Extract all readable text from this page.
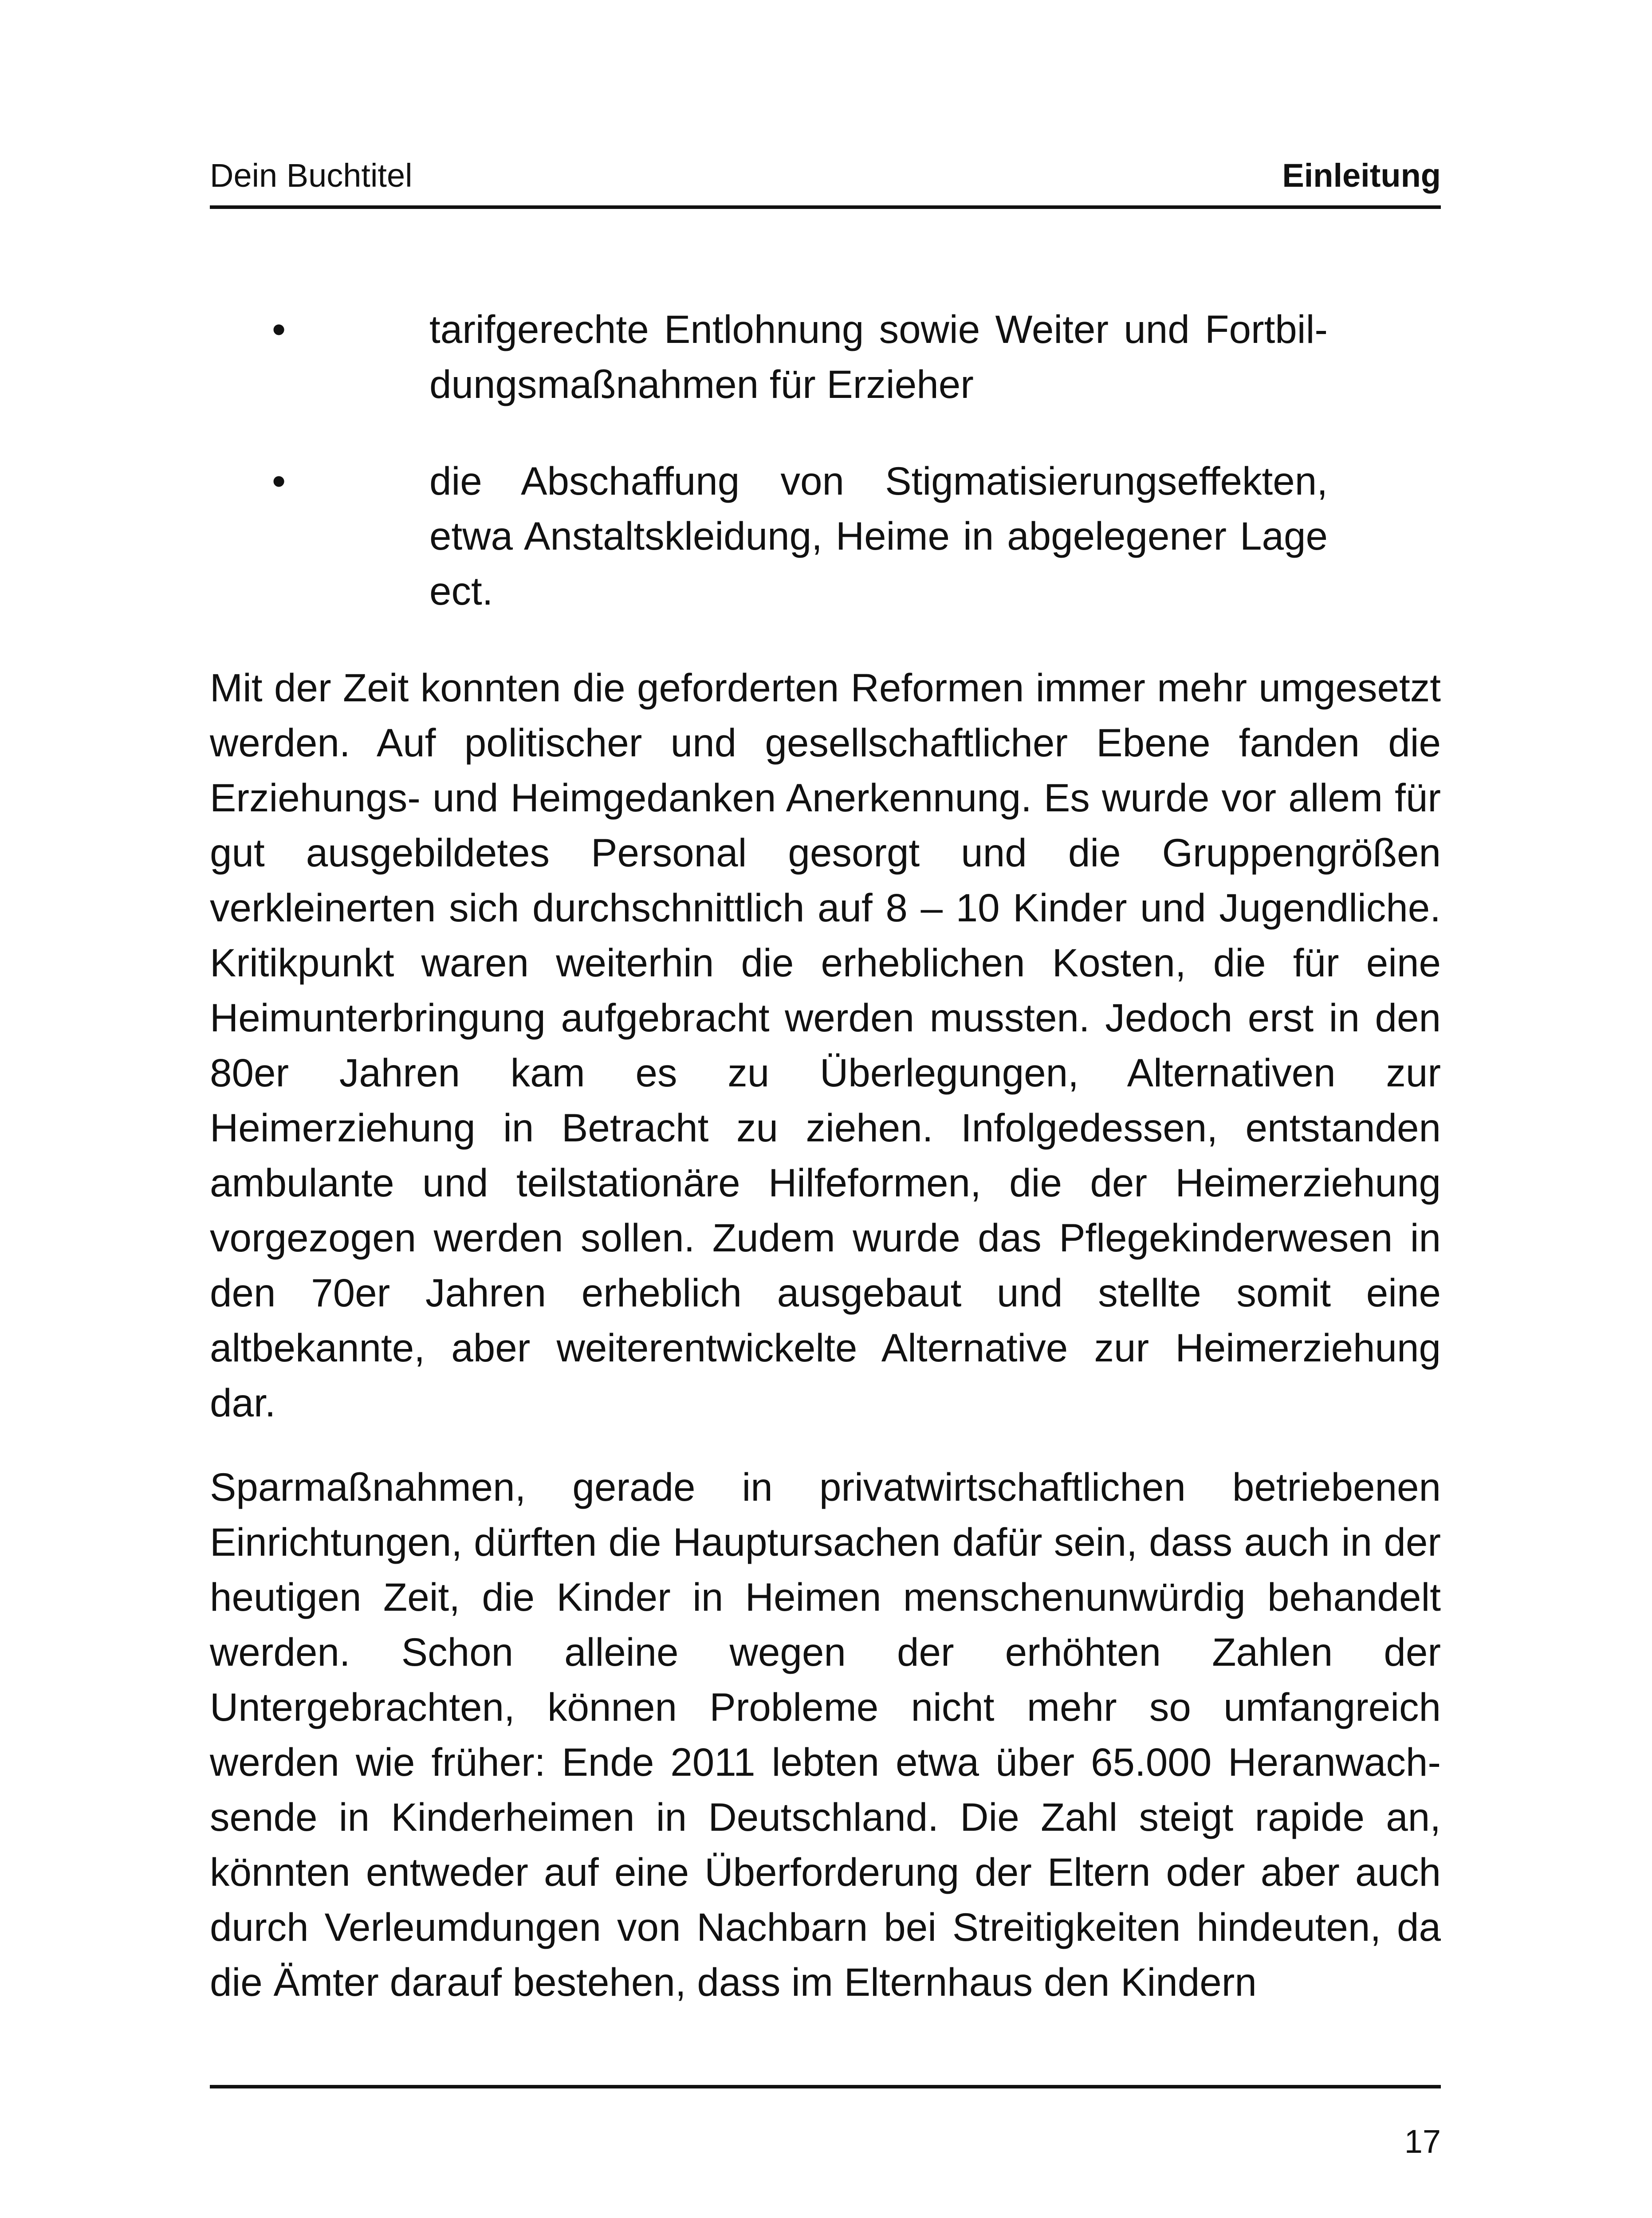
Dein Buchtitel	Einleitung
•	tarifgerechte Entlohnung sowie Weiter und Fortbildungsmaßnahmen für Erzieher
•	die Abschaffung von Stigmatisierungseffekten, etwa Anstaltskleidung, Heime in abgelegener Lage ect.

Mit der Zeit konnten die geforderten Reformen immer mehr umgesetzt werden. Auf politischer und gesellschaftlicher Ebene fanden die Erziehungs- und Heimgedanken Anerkennung. Es wurde vor allem für gut ausgebildetes Personal gesorgt und die Gruppengrößen verkleinerten sich durchschnittlich auf 8 – 10 Kinder und Jugendliche. Kritikpunkt waren weiterhin die erheblichen Kosten, die für eine Heimunterbringung aufgebracht werden mussten. Jedoch erst in den 80er Jahren kam es zu Überlegungen, Alternativen zur Heimerziehung in Betracht zu ziehen. Infolgedessen, entstanden ambulante und teilstationäre Hilfeformen, die der Heimerziehung vorgezogen werden sollen. Zudem wurde das Pflegekinderwesen in den 70er Jahren erheblich ausgebaut und stellte somit eine altbekannte, aber weiterentwickelte Alternative zur Heimerziehung dar.

Sparmaßnahmen, gerade in privatwirtschaftlichen betriebenen Einrichtungen, dürften die Hauptursachen dafür sein, dass auch in der heutigen Zeit, die Kinder in Heimen menschenunwürdig behandelt werden. Schon alleine wegen der erhöhten Zahlen der Untergebrachten, können Probleme nicht mehr so umfangreich werden wie früher: Ende 2011 lebten etwa über 65.000 Heranwachsende in Kinderheimen in Deutschland. Die Zahl steigt rapide an, könnten entweder auf eine Überforderung der Eltern oder aber auch durch Verleumdungen von Nachbarn bei Streitigkeiten hindeuten, da die Ämter darauf bestehen, dass im Elternhaus den Kindern

17
